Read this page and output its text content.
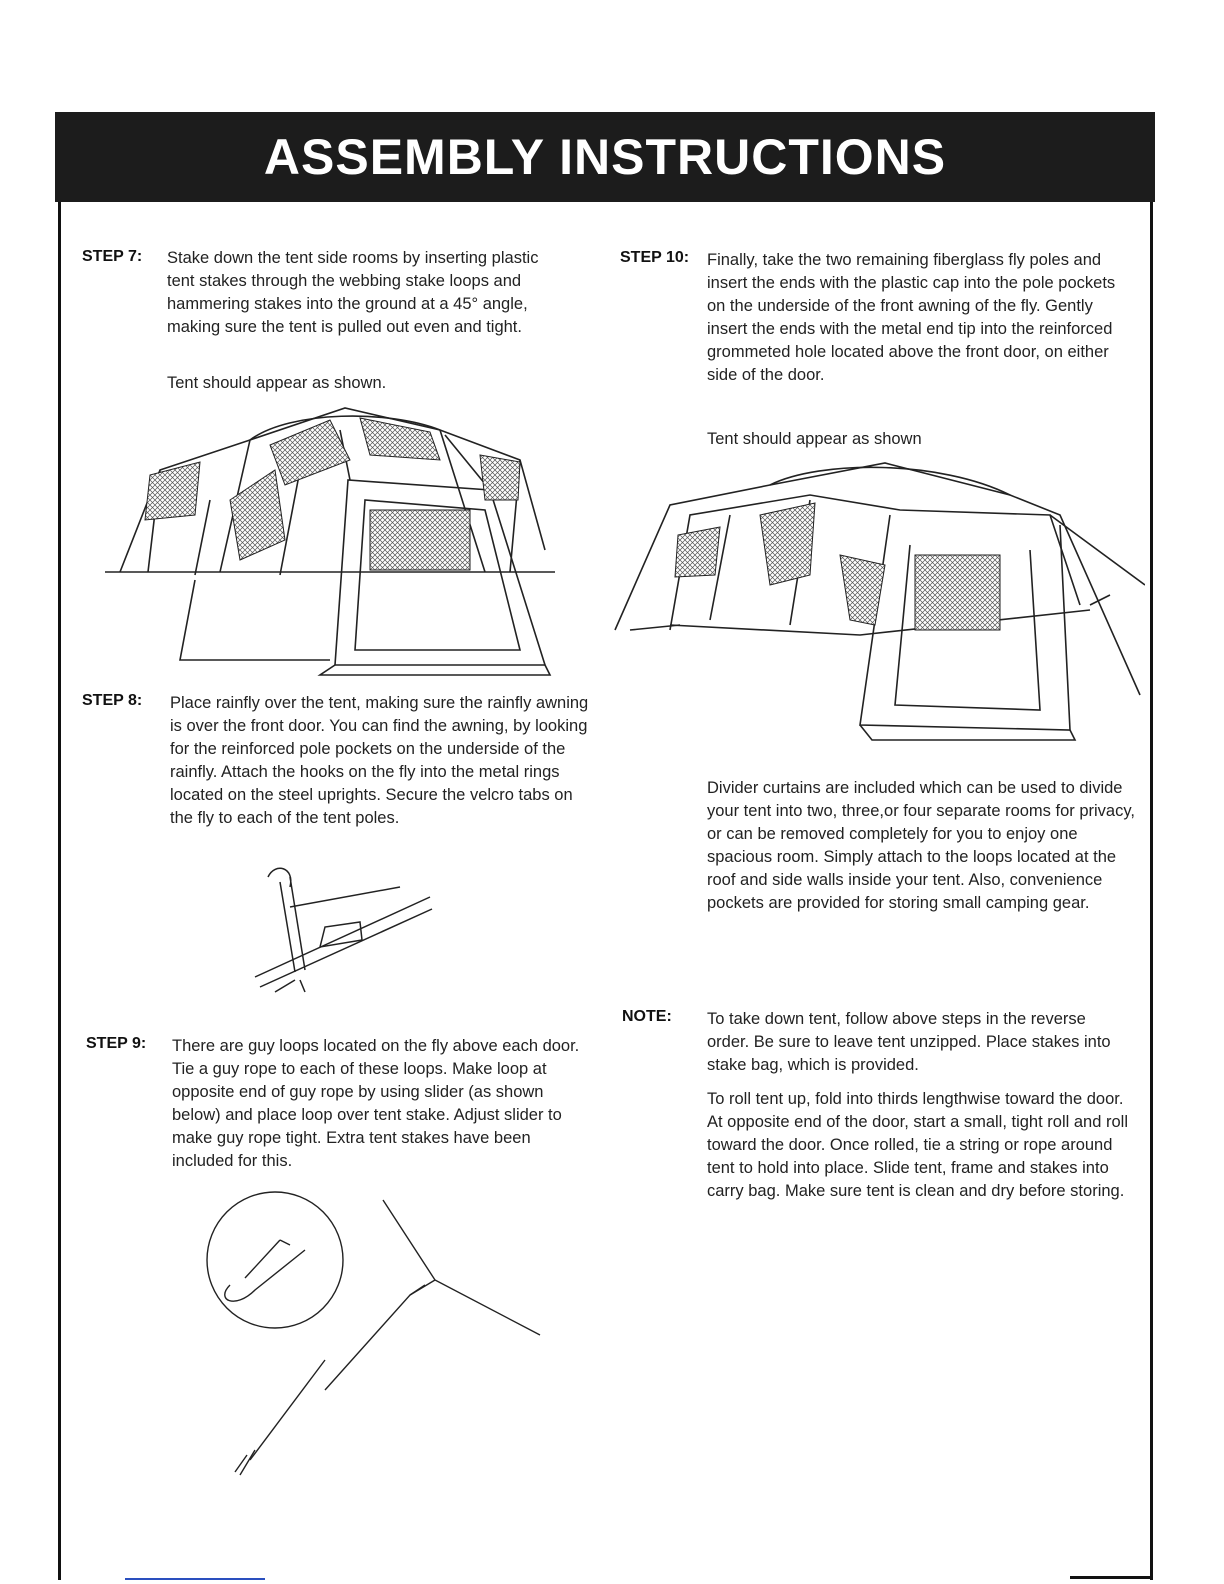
ASSEMBLY INSTRUCTIONS
STEP 7: Stake down the tent side rooms by inserting plastic tent stakes through the webbing stake loops and hammering stakes into the ground at a 45° angle, making sure the tent is pulled out even and tight.

Tent should appear as shown.

STEP 8: Place rainfly over the tent, making sure the rainfly awning is over the front door. You can find the awning, by looking for the reinforced pole pockets on the underside of the rainfly. Attach the hooks on the fly into the metal rings located on the steel uprights. Secure the velcro tabs on the fly to each of the tent poles.

STEP 9: There are guy loops located on the fly above each door. Tie a guy rope to each of these loops. Make loop at opposite end of guy rope by using slider (as shown below) and place loop over tent stake. Adjust slider to make guy rope tight. Extra tent stakes have been included for this.

STEP 10: Finally, take the two remaining fiberglass fly poles and insert the ends with the plastic cap into the pole pockets on the underside of the front awning of the fly. Gently insert the ends with the metal end tip into the reinforced grommeted hole located above the front door, on either side of the door.

Tent should appear as shown

Divider curtains are included which can be used to divide your tent into two, three,or four separate rooms for privacy, or can be removed completely for you to enjoy one spacious room. Simply attach to the loops located at the roof and side walls inside your tent. Also, convenience pockets are provided for storing small camping gear.

NOTE: To take down tent, follow above steps in the reverse order. Be sure to leave tent unzipped. Place stakes into stake bag, which is provided.

To roll tent up, fold into thirds lengthwise toward the door. At opposite end of the door, start a small, tight roll and roll toward the door. Once rolled, tie a string or rope around tent to hold into place. Slide tent, frame and stakes into carry bag. Make sure tent is clean and dry before storing.
